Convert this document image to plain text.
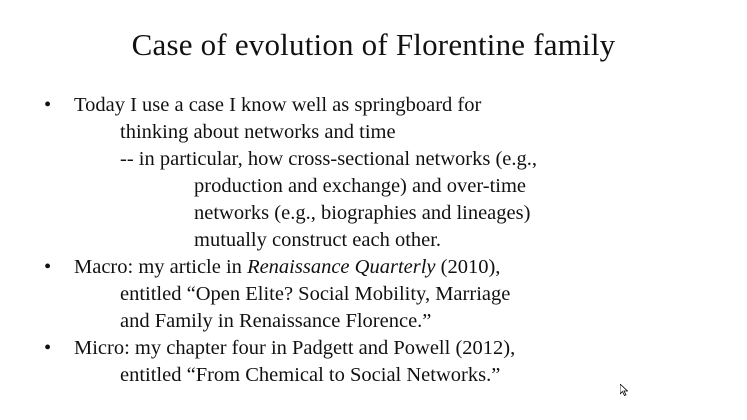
Case of evolution of Florentine family
• Today I use a case I know well as springboard for
thinking about networks and time
-- in particular, how cross-sectional networks (e.g.,
production and exchange) and over-time
networks (e.g., biographies and lineages)
mutually construct each other.
• Macro: my article in Renaissance Quarterly (2010),
entitled “Open Elite? Social Mobility, Marriage
and Family in Renaissance Florence.”
• Micro: my chapter four in Padgett and Powell (2012),
entitled “From Chemical to Social Networks.”
